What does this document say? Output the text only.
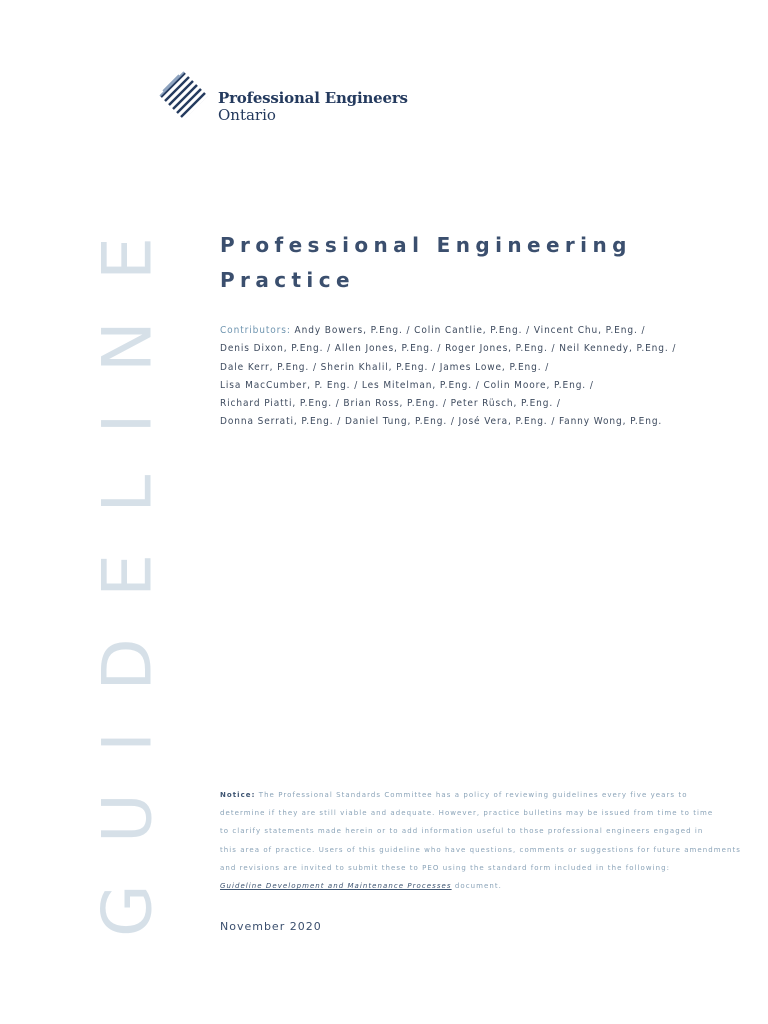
Professional Engineers
Ontario
GUIDELINE	Professional Engineering
Practice
Contributors: Andy Bowers, P.Eng. / Colin Cantlie, P.Eng. / Vincent Chu, P.Eng. /
Denis Dixon, P.Eng. / Allen Jones, P.Eng. / Roger Jones, P.Eng. / Neil Kennedy, P.Eng. /
Dale Kerr, P.Eng. / Sherin Khalil, P.Eng. / James Lowe, P.Eng. /
Lisa MacCumber, P. Eng. / Les Mitelman, P.Eng. / Colin Moore, P.Eng. /
Richard Piatti, P.Eng. / Brian Ross, P.Eng. / Peter Rüsch, P.Eng. /
Donna Serrati, P.Eng. / Daniel Tung, P.Eng. / José Vera, P.Eng. / Fanny Wong, P.Eng.
Notice: The Professional Standards Committee has a policy of reviewing guidelines every five years to
determine if they are still viable and adequate. However, practice bulletins may be issued from time to time
to clarify statements made herein or to add information useful to those professional engineers engaged in
this area of practice. Users of this guideline who have questions, comments or suggestions for future amendments
and revisions are invited to submit these to PEO using the standard form included in the following:
Guideline Development and Maintenance Processes document.
November 2020
